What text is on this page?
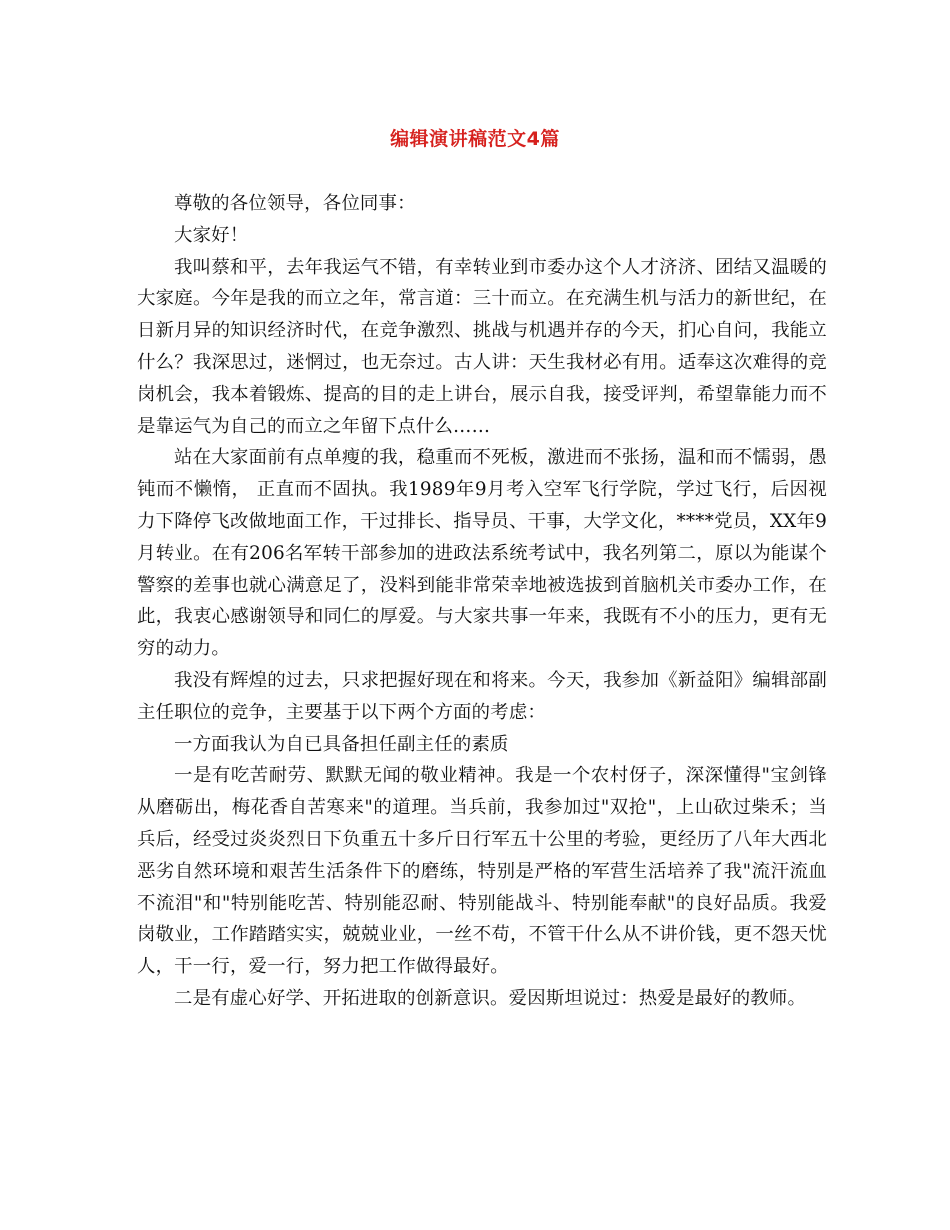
编辑演讲稿范文4篇

尊敬的各位领导，各位同事：

大家好！

我叫蔡和平，去年我运气不错，有幸转业到市委办这个人才济济、团结又温暖的大家庭。今年是我的而立之年，常言道：三十而立。在充满生机与活力的新世纪，在日新月异的知识经济时代，在竞争激烈、挑战与机遇并存的今天，扪心自问，我能立什么？我深思过，迷惘过，也无奈过。古人讲：天生我材必有用。适奉这次难得的竞岗机会，我本着锻炼、提高的目的走上讲台，展示自我，接受评判，希望靠能力而不是靠运气为自己的而立之年留下点什么……

站在大家面前有点单瘦的我，稳重而不死板，激进而不张扬，温和而不懦弱，愚钝而不懒惰， 正直而不固执。我1989年9月考入空军飞行学院，学过飞行，后因视力下降停飞改做地面工作，干过排长、指导员、干事，大学文化，****党员，XX年9月转业。在有206名军转干部参加的进政法系统考试中，我名列第二，原以为能谋个警察的差事也就心满意足了，没料到能非常荣幸地被选拔到首脑机关市委办工作，在此，我衷心感谢领导和同仁的厚爱。与大家共事一年来，我既有不小的压力，更有无穷的动力。

我没有辉煌的过去，只求把握好现在和将来。今天，我参加《新益阳》编辑部副主任职位的竞争，主要基于以下两个方面的考虑：

一方面我认为自已具备担任副主任的素质

一是有吃苦耐劳、默默无闻的敬业精神。我是一个农村伢子，深深懂得"宝剑锋从磨砺出，梅花香自苦寒来"的道理。当兵前，我参加过"双抢"，上山砍过柴禾；当兵后，经受过炎炎烈日下负重五十多斤日行军五十公里的考验，更经历了八年大西北恶劣自然环境和艰苦生活条件下的磨练，特别是严格的军营生活培养了我"流汗流血不流泪"和"特别能吃苦、特别能忍耐、特别能战斗、特别能奉献"的良好品质。我爱岗敬业，工作踏踏实实，兢兢业业，一丝不苟，不管干什么从不讲价钱，更不怨天忧人，干一行，爱一行，努力把工作做得最好。

二是有虚心好学、开拓进取的创新意识。爱因斯坦说过：热爱是最好的教师。
